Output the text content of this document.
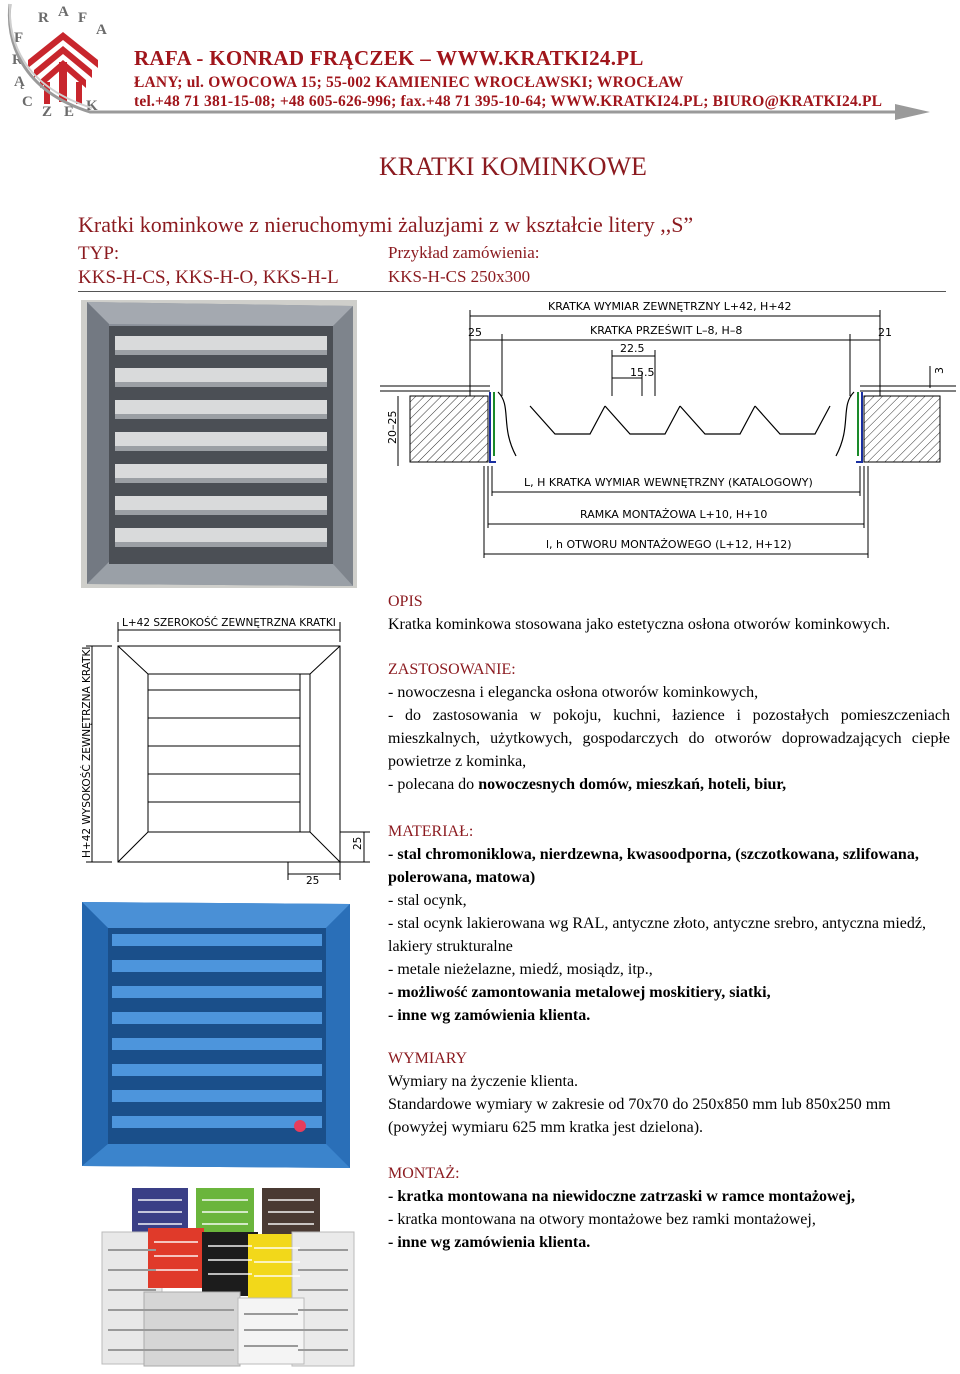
R A F
A
F
R
Ą
C
Z E K
RAFA - KONRAD FRĄCZEK – WWW.KRATKI24.PL
ŁANY; ul. OWOCOWA 15; 55-002 KAMIENIEC WROCŁAWSKI; WROCŁAW
tel.+48 71 381-15-08; +48 605-626-996; fax.+48 71 395-10-64; WWW.KRATKI24.PL; BIURO@KRATKI24.PL
KRATKI KOMINKOWE
Kratki kominkowe z nieruchomymi żaluzjami z w kształcie litery ,,S”
TYP:
KKS-H-CS, KKS-H-O, KKS-H-L
Przykład zamówienia:
KKS-H-CS 250x300
KRATKA WYMIAR ZEWNĘTRZNY L+42, H+42
KRATKA PRZEŚWIT L–8, H–8
25	21
22.5
15.5	3
20–25
L, H KRATKA WYMIAR WEWNĘTRZNY (KATALOGOWY)
RAMKA MONTAŻOWA L+10, H+10
l, h OTWORU MONTAŻOWEGO (L+12, H+12)
L+42 SZEROKOŚĆ ZEWNĘTRZNA KRATKI
H+42 WYSOKOŚĆ ZEWNĘTRZNA KRATKI	25
25

OPIS

Kratka kominkowa stosowana jako estetyczna osłona otworów kominkowych.

ZASTOSOWANIE:

- nowoczesna i elegancka osłona otworów kominkowych,

- do zastosowania w pokoju, kuchni, łazience i pozostałych pomieszczeniach mieszkalnych, użytkowych, gospodarczych do otworów doprowadzających ciepłe powietrze z kominka,

- polecana do nowoczesnych domów, mieszkań, hoteli, biur,

MATERIAŁ:

- stal chromoniklowa, nierdzewna, kwasoodporna, (szczotkowana, szlifowana, polerowana, matowa)

- stal ocynk,

- stal ocynk lakierowana wg RAL, antyczne złoto, antyczne srebro, antyczna miedź, lakiery strukturalne

- metale nieżelazne, miedź, mosiądz, itp.,

- możliwość zamontowania metalowej moskitiery, siatki,

- inne wg zamówienia klienta.

WYMIARY

Wymiary na życzenie klienta.

Standardowe wymiary w zakresie od 70x70 do 250x850 mm lub 850x250 mm

(powyżej wymiaru 625 mm kratka jest dzielona).

MONTAŻ:

- kratka montowana na niewidoczne zatrzaski w ramce montażowej,

- kratka montowana na otwory montażowe bez ramki montażowej,

- inne wg zamówienia klienta.
